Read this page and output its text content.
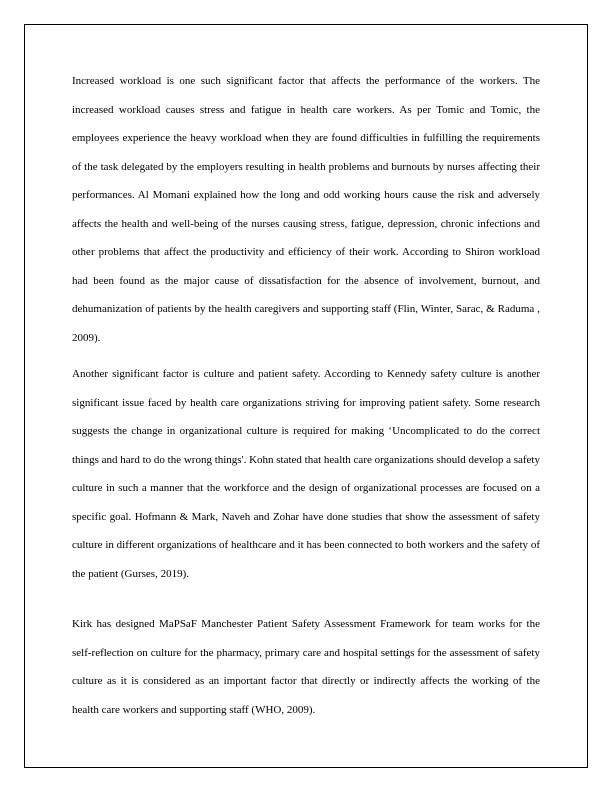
Increased workload is one such significant factor that affects the performance of the workers. The increased workload causes stress and fatigue in health care workers. As per Tomic and Tomic, the employees experience the heavy workload when they are found difficulties in fulfilling the requirements of the task delegated by the employers resulting in health problems and burnouts by nurses affecting their performances. Al Momani explained how the long and odd working hours cause the risk and adversely affects the health and well-being of the nurses causing stress, fatigue, depression, chronic infections and other problems that affect the productivity and efficiency of their work. According to Shiron workload had been found as the major cause of dissatisfaction for the absence of involvement, burnout, and dehumanization of patients by the health caregivers and supporting staff (Flin, Winter, Sarac, & Raduma , 2009).

Another significant factor is culture and patient safety. According to Kennedy safety culture is another significant issue faced by health care organizations striving for improving patient safety. Some research suggests the change in organizational culture is required for making ‘Uncomplicated to do the correct things and hard to do the wrong things'. Kohn stated that health care organizations should develop a safety culture in such a manner that the workforce and the design of organizational processes are focused on a specific goal. Hofmann & Mark, Naveh and Zohar have done studies that show the assessment of safety culture in different organizations of healthcare and it has been connected to both workers and the safety of the patient (Gurses, 2019).

Kirk has designed MaPSaF Manchester Patient Safety Assessment Framework for team works for the self-reflection on culture for the pharmacy, primary care and hospital settings for the assessment of safety culture as it is considered as an important factor that directly or indirectly affects the working of the health care workers and supporting staff (WHO, 2009).
